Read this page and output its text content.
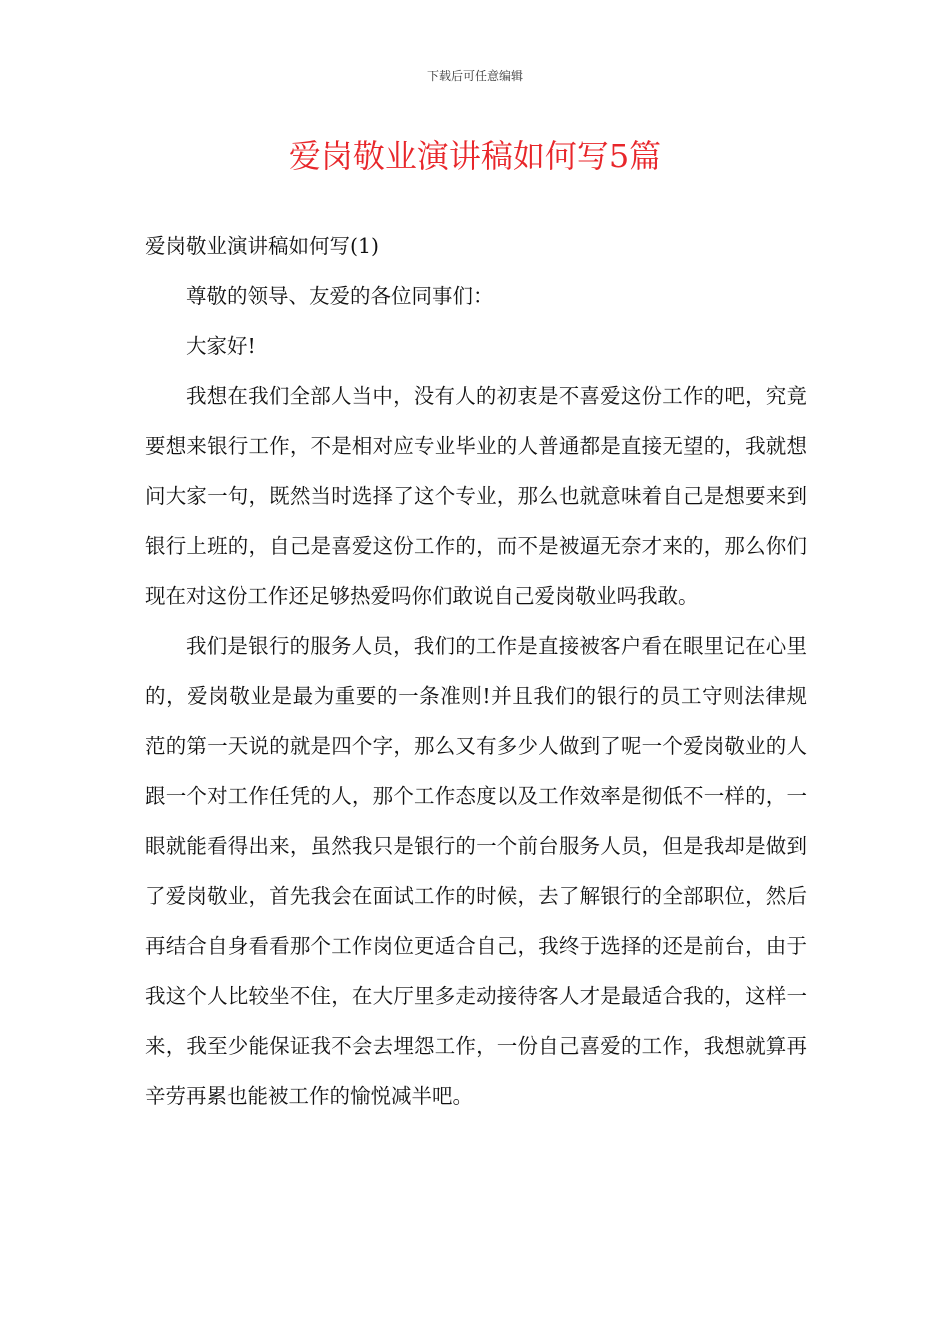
下载后可任意编辑
爱岗敬业演讲稿如何写5篇

爱岗敬业演讲稿如何写(1)

尊敬的领导、友爱的各位同事们：

大家好!

我想在我们全部人当中，没有人的初衷是不喜爱这份工作的吧，究竟要想来银行工作，不是相对应专业毕业的人普通都是直接无望的，我就想问大家一句，既然当时选择了这个专业，那么也就意味着自己是想要来到银行上班的，自己是喜爱这份工作的，而不是被逼无奈才来的，那么你们现在对这份工作还足够热爱吗你们敢说自己爱岗敬业吗我敢。

我们是银行的服务人员，我们的工作是直接被客户看在眼里记在心里的，爱岗敬业是最为重要的一条准则!并且我们的银行的员工守则法律规范的第一天说的就是四个字，那么又有多少人做到了呢一个爱岗敬业的人跟一个对工作任凭的人，那个工作态度以及工作效率是彻低不一样的，一眼就能看得出来，虽然我只是银行的一个前台服务人员，但是我却是做到了爱岗敬业，首先我会在面试工作的时候，去了解银行的全部职位，然后再结合自身看看那个工作岗位更适合自己，我终于选择的还是前台，由于我这个人比较坐不住，在大厅里多走动接待客人才是最适合我的，这样一来，我至少能保证我不会去埋怨工作，一份自己喜爱的工作，我想就算再辛劳再累也能被工作的愉悦减半吧。
